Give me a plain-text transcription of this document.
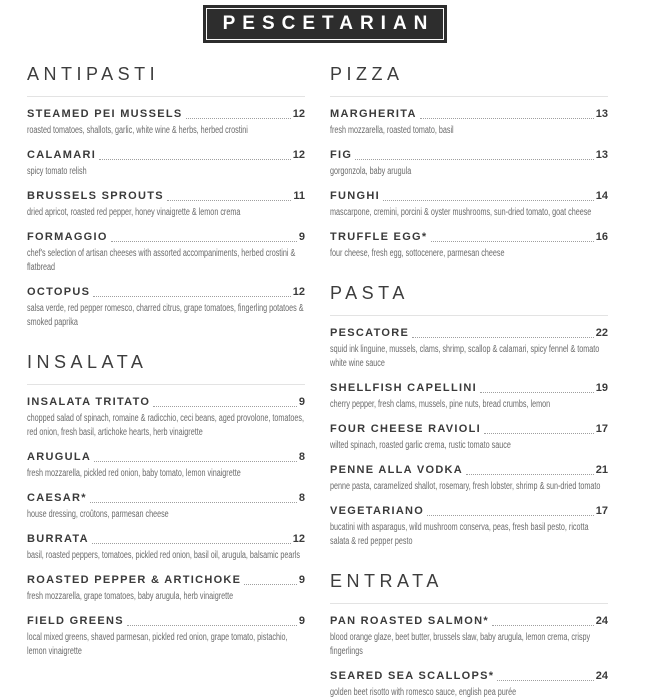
PESCETARIAN
ANTIPASTI
STEAMED PEI MUSSELS	12
roasted tomatoes, shallots, garlic, white wine & herbs, herbed crostini
CALAMARI	12
spicy tomato relish
BRUSSELS SPROUTS	11
dried apricot, roasted red pepper, honey vinaigrette & lemon crema
FORMAGGIO	9
chef's selection of artisan cheeses with assorted accompaniments, herbed crostini &
flatbread
OCTOPUS	12
salsa verde, red pepper romesco, charred citrus, grape tomatoes, fingerling potatoes &
smoked paprika
INSALATA
INSALATA TRITATO	9
chopped salad of spinach, romaine & radicchio, ceci beans, aged provolone, tomatoes,
red onion, fresh basil, artichoke hearts, herb vinaigrette
ARUGULA	8
fresh mozzarella, pickled red onion, baby tomato, lemon vinaigrette
CAESAR*	8
house dressing, croûtons, parmesan cheese
BURRATA	12
basil, roasted peppers, tomatoes, pickled red onion, basil oil, arugula, balsamic pearls
ROASTED PEPPER & ARTICHOKE	9
fresh mozzarella, grape tomatoes, baby arugula, herb vinaigrette
FIELD GREENS	9
local mixed greens, shaved parmesan, pickled red onion, grape tomato, pistachio,
lemon vinaigrette
PIZZA
MARGHERITA	13
fresh mozzarella, roasted tomato, basil
FIG	13
gorgonzola, baby arugula
FUNGHI	14
mascarpone, cremini, porcini & oyster mushrooms, sun-dried tomato, goat cheese
TRUFFLE EGG*	16
four cheese, fresh egg, sottocenere, parmesan cheese
PASTA
PESCATORE	22
squid ink linguine, mussels, clams, shrimp, scallop & calamari, spicy fennel & tomato
white wine sauce
SHELLFISH CAPELLINI	19
cherry pepper, fresh clams, mussels, pine nuts, bread crumbs, lemon
FOUR CHEESE RAVIOLI	17
wilted spinach, roasted garlic crema, rustic tomato sauce
PENNE ALLA VODKA	21
penne pasta, caramelized shallot, rosemary, fresh lobster, shrimp & sun-dried tomato
VEGETARIANO	17
bucatini with asparagus, wild mushroom conserva, peas, fresh basil pesto, ricotta
salata & red pepper pesto
ENTRATA
PAN ROASTED SALMON*	24
blood orange glaze, beet butter, brussels slaw, baby arugula, lemon crema, crispy
fingerlings
SEARED SEA SCALLOPS*	24
golden beet risotto with romesco sauce, english pea purée
